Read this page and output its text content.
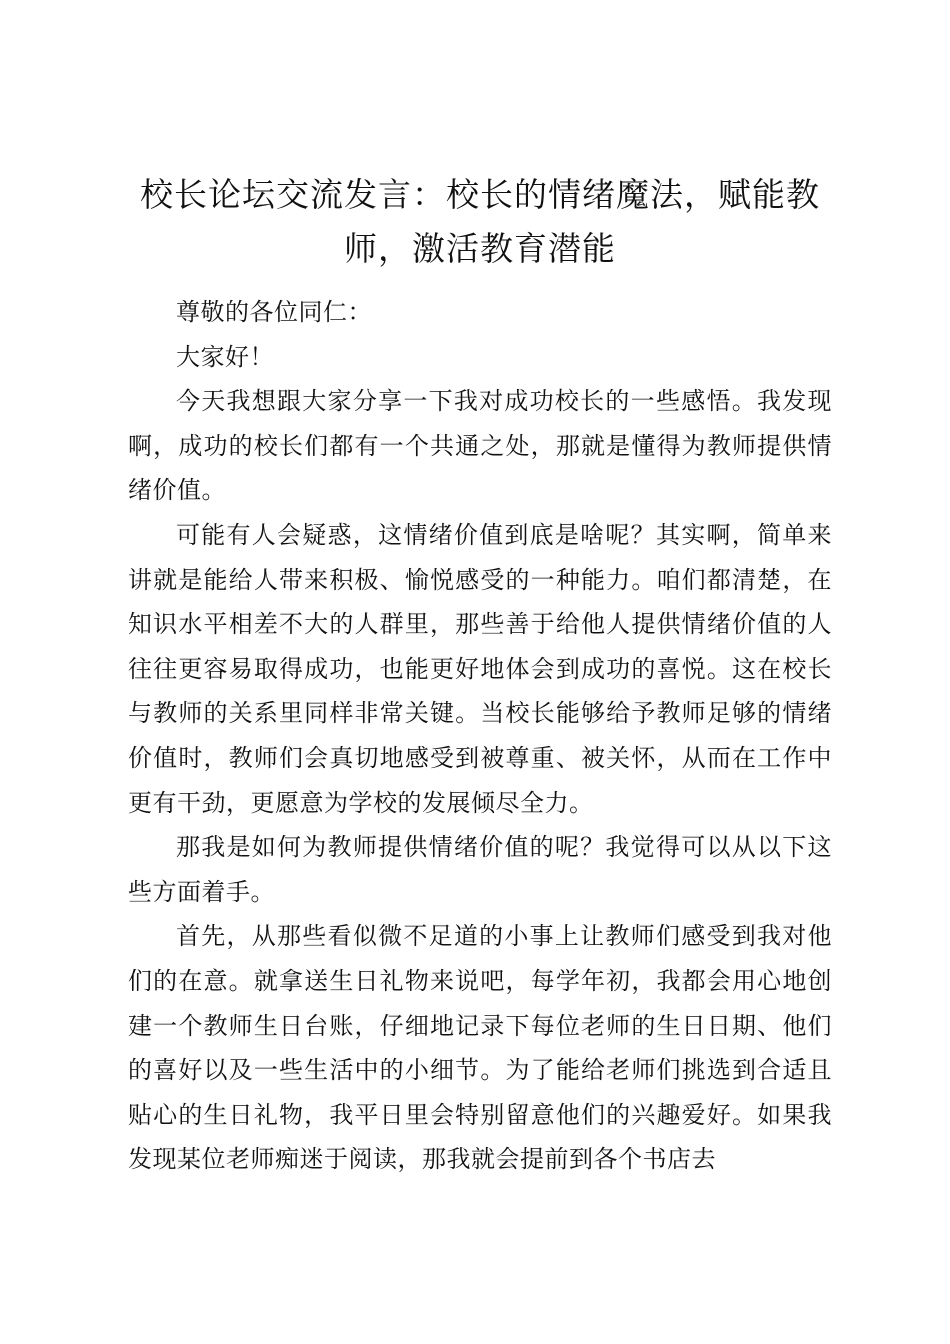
校长论坛交流发言：校长的情绪魔法，赋能教师，激活教育潜能

尊敬的各位同仁：

大家好！

今天我想跟大家分享一下我对成功校长的一些感悟。我发现啊，成功的校长们都有一个共通之处，那就是懂得为教师提供情绪价值。

可能有人会疑惑，这情绪价值到底是啥呢？其实啊，简单来讲就是能给人带来积极、愉悦感受的一种能力。咱们都清楚，在知识水平相差不大的人群里，那些善于给他人提供情绪价值的人往往更容易取得成功，也能更好地体会到成功的喜悦。这在校长与教师的关系里同样非常关键。当校长能够给予教师足够的情绪价值时，教师们会真切地感受到被尊重、被关怀，从而在工作中更有干劲，更愿意为学校的发展倾尽全力。

那我是如何为教师提供情绪价值的呢？我觉得可以从以下这些方面着手。

首先，从那些看似微不足道的小事上让教师们感受到我对他们的在意。就拿送生日礼物来说吧，每学年初，我都会用心地创建一个教师生日台账，仔细地记录下每位老师的生日日期、他们的喜好以及一些生活中的小细节。为了能给老师们挑选到合适且贴心的生日礼物，我平日里会特别留意他们的兴趣爱好。如果我发现某位老师痴迷于阅读，那我就会提前到各个书店去
